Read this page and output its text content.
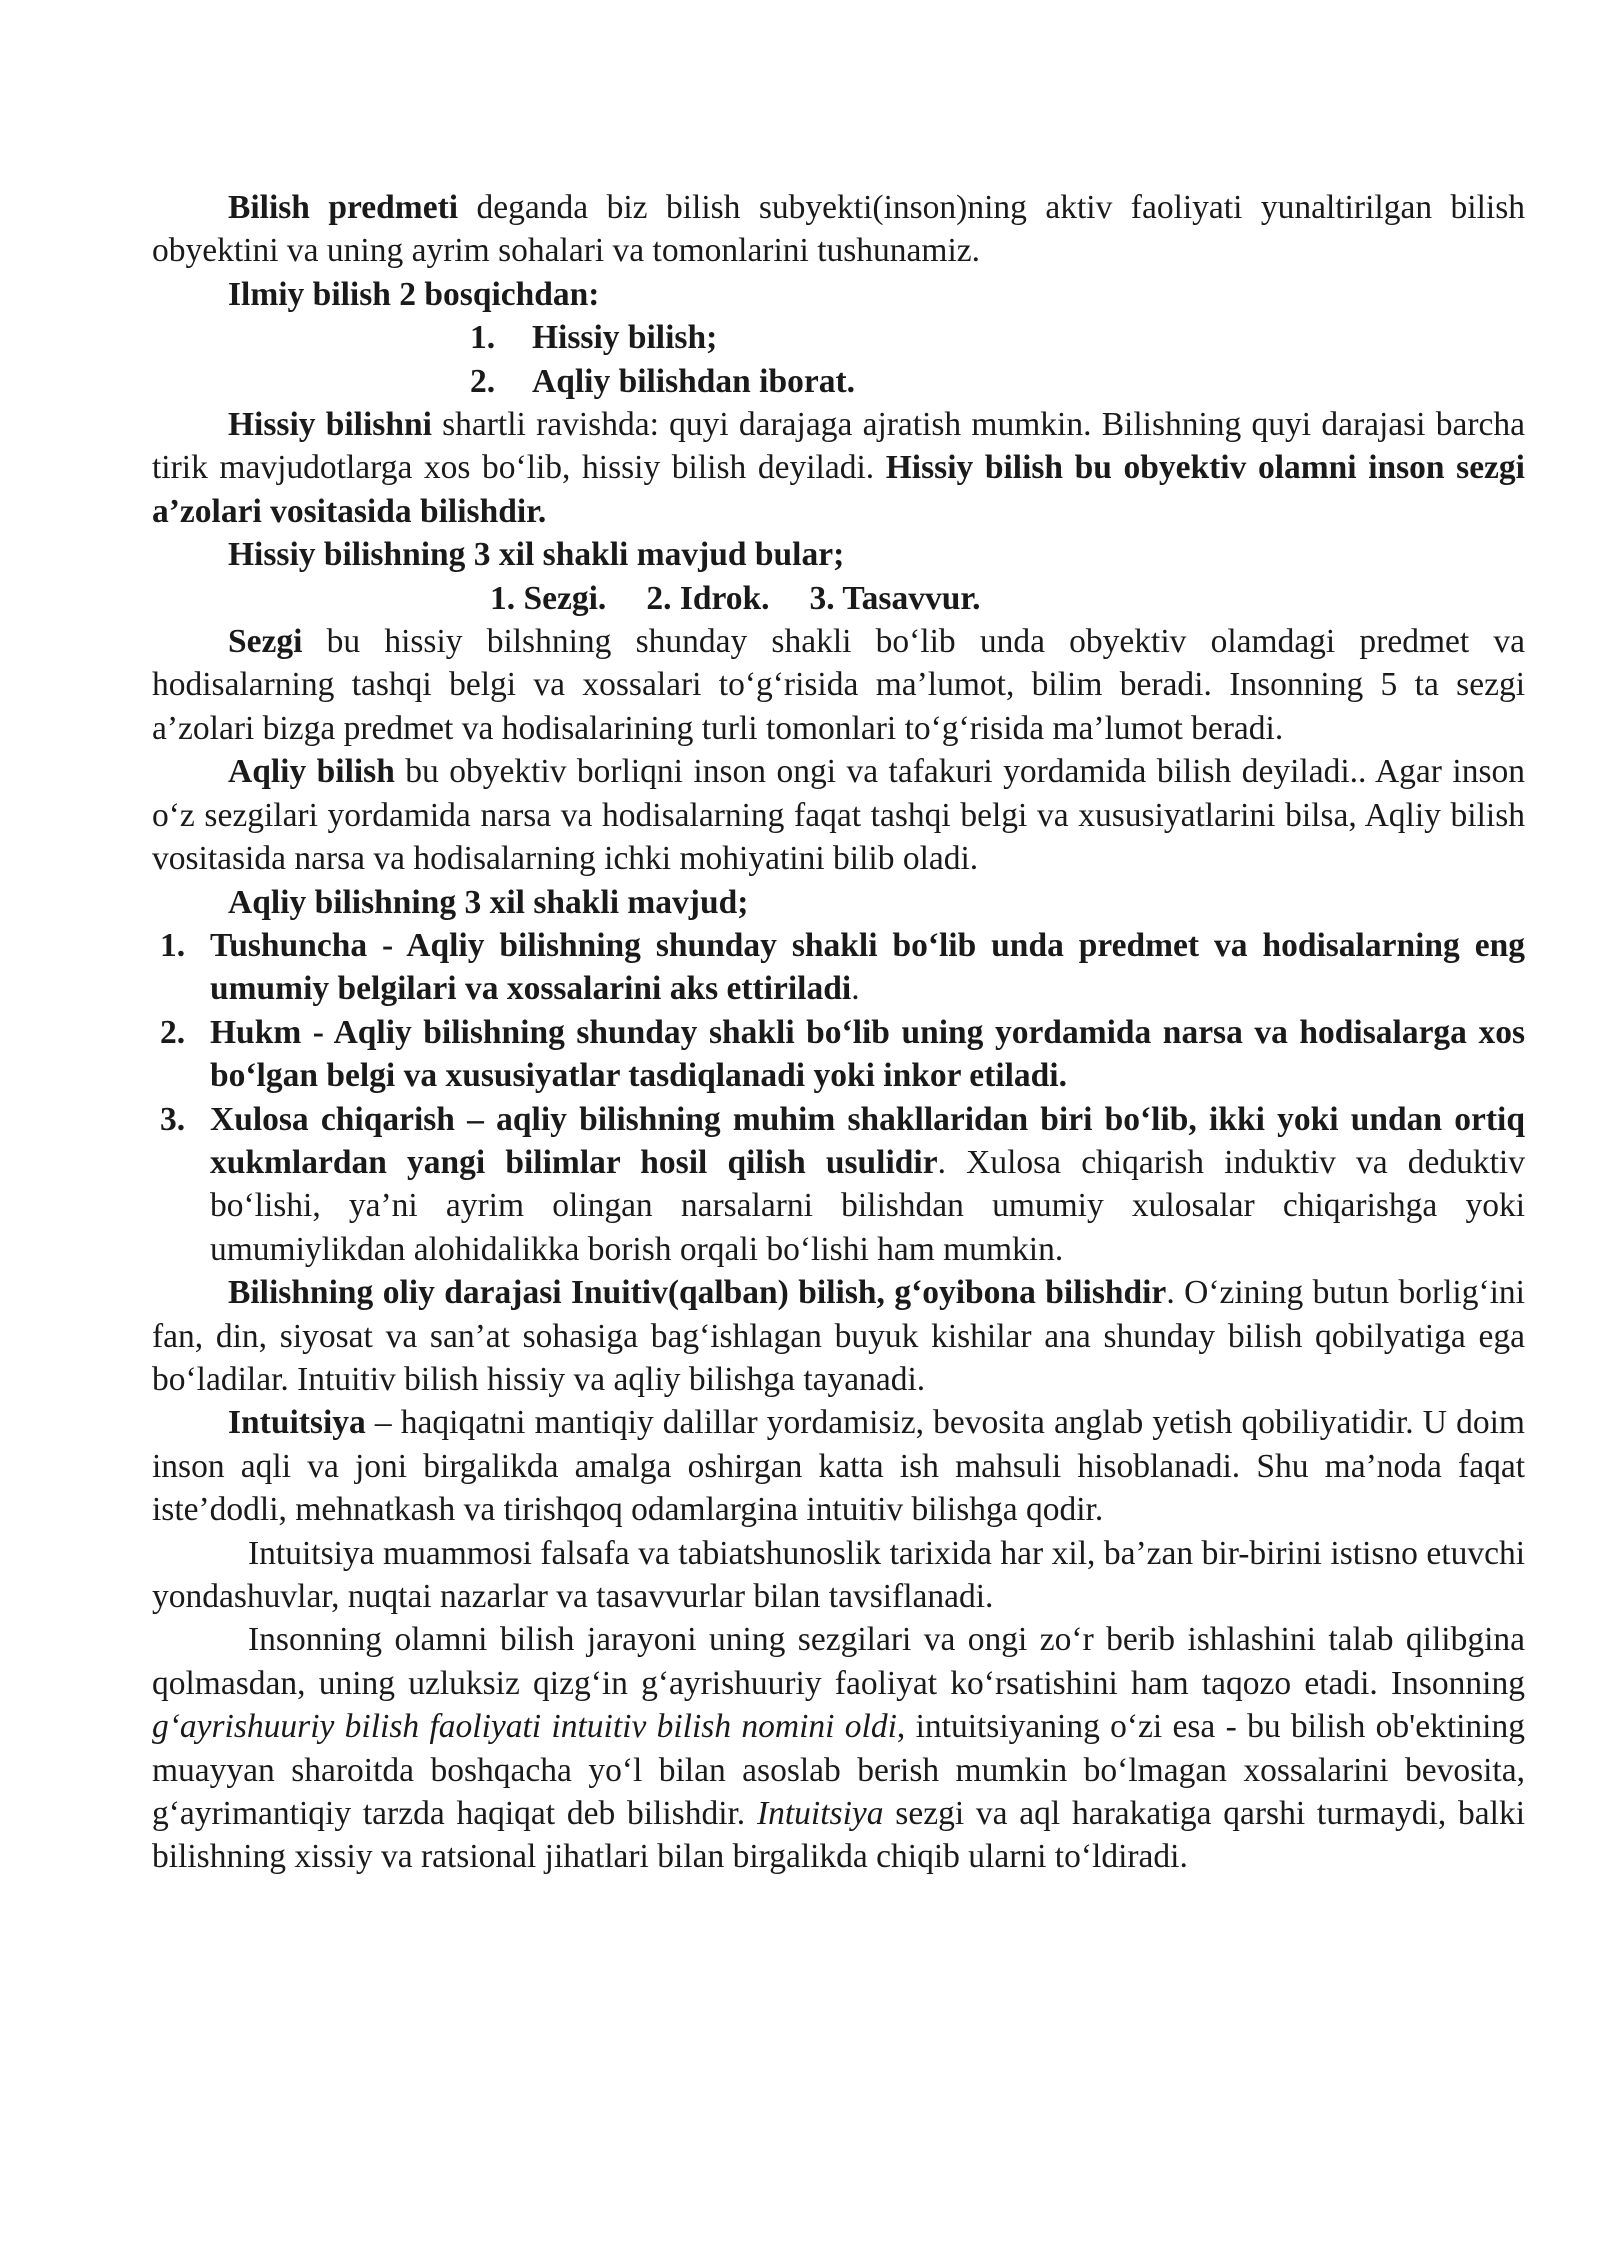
Bilish predmeti deganda biz bilish subyekti(inson)ning aktiv faoliyati yunaltirilgan bilish obyektini va uning ayrim sohalari va tomonlarini tushunamiz.

Ilmiy bilish 2 bosqichdan:

1. Hissiy bilish;
2. Aqliy bilishdan iborat.

Hissiy bilishni shartli ravishda: quyi darajaga ajratish mumkin. Bilishning quyi darajasi barcha tirik mavjudotlarga xos bo‘lib, hissiy bilish deyiladi. Hissiy bilish bu obyektiv olamni inson sezgi a’zolari vositasida bilishdir.

Hissiy bilishning 3 xil shakli mavjud bular;

1. Sezgi. 2. Idrok. 3. Tasavvur.

Sezgi bu hissiy bilshning shunday shakli bo‘lib unda obyektiv olamdagi predmet va hodisalarning tashqi belgi va xossalari to‘g‘risida ma’lumot, bilim beradi. Insonning 5 ta sezgi a’zolari bizga predmet va hodisalarining turli tomonlari to‘g‘risida ma’lumot beradi.

Aqliy bilish bu obyektiv borliqni inson ongi va tafakuri yordamida bilish deyiladi.. Agar inson o‘z sezgilari yordamida narsa va hodisalarning faqat tashqi belgi va xususiyatlarini bilsa, Aqliy bilish vositasida narsa va hodisalarning ichki mohiyatini bilib oladi.

Aqliy bilishning 3 xil shakli mavjud;

1. Tushuncha - Aqliy bilishning shunday shakli bo‘lib unda predmet va hodisalarning eng umumiy belgilari va xossalarini aks ettiriladi.
2. Hukm - Aqliy bilishning shunday shakli bo‘lib uning yordamida narsa va hodisalarga xos bo‘lgan belgi va xususiyatlar tasdiqlanadi yoki inkor etiladi.
3. Xulosa chiqarish – aqliy bilishning muhim shakllaridan biri bo‘lib, ikki yoki undan ortiq xukmlardan yangi bilimlar hosil qilish usulidir. Xulosa chiqarish induktiv va deduktiv bo‘lishi, ya’ni ayrim olingan narsalarni bilishdan umumiy xulosalar chiqarishga yoki umumiylikdan alohidalikka borish orqali bo‘lishi ham mumkin.

Bilishning oliy darajasi Inuitiv(qalban) bilish, g‘oyibona bilishdir. O‘zining butun borlig‘ini fan, din, siyosat va san’at sohasiga bag‘ishlagan buyuk kishilar ana shunday bilish qobilyatiga ega bo‘ladilar. Intuitiv bilish hissiy va aqliy bilishga tayanadi.

Intuitsiya – haqiqatni mantiqiy dalillar yordamisiz, bevosita anglab yetish qobiliyatidir. U doim inson aqli va joni birgalikda amalga oshirgan katta ish mahsuli hisoblanadi. Shu ma’noda faqat iste’dodli, mehnatkash va tirishqoq odamlargina intuitiv bilishga qodir.

Intuitsiya muammosi falsafa va tabiatshunoslik tarixida har xil, ba’zan bir-birini istisno etuvchi yondashuvlar, nuqtai nazarlar va tasavvurlar bilan tavsiflanadi.

Insonning olamni bilish jarayoni uning sezgilari va ongi zo‘r berib ishlashini talab qilibgina qolmasdan, uning uzluksiz qizg‘in g‘ayrishuuriy faoliyat ko‘rsatishini ham taqozo etadi. Insonning g‘ayrishuuriy bilish faoliyati intuitiv bilish nomini oldi, intuitsiyaning o‘zi esa - bu bilish ob'ektining muayyan sharoitda boshqacha yo‘l bilan asoslab berish mumkin bo‘lmagan xossalarini bevosita, g‘ayrimantiqiy tarzda haqiqat deb bilishdir. Intuitsiya sezgi va aql harakatiga qarshi turmaydi, balki bilishning xissiy va ratsional jihatlari bilan birgalikda chiqib ularni to‘ldiradi.
